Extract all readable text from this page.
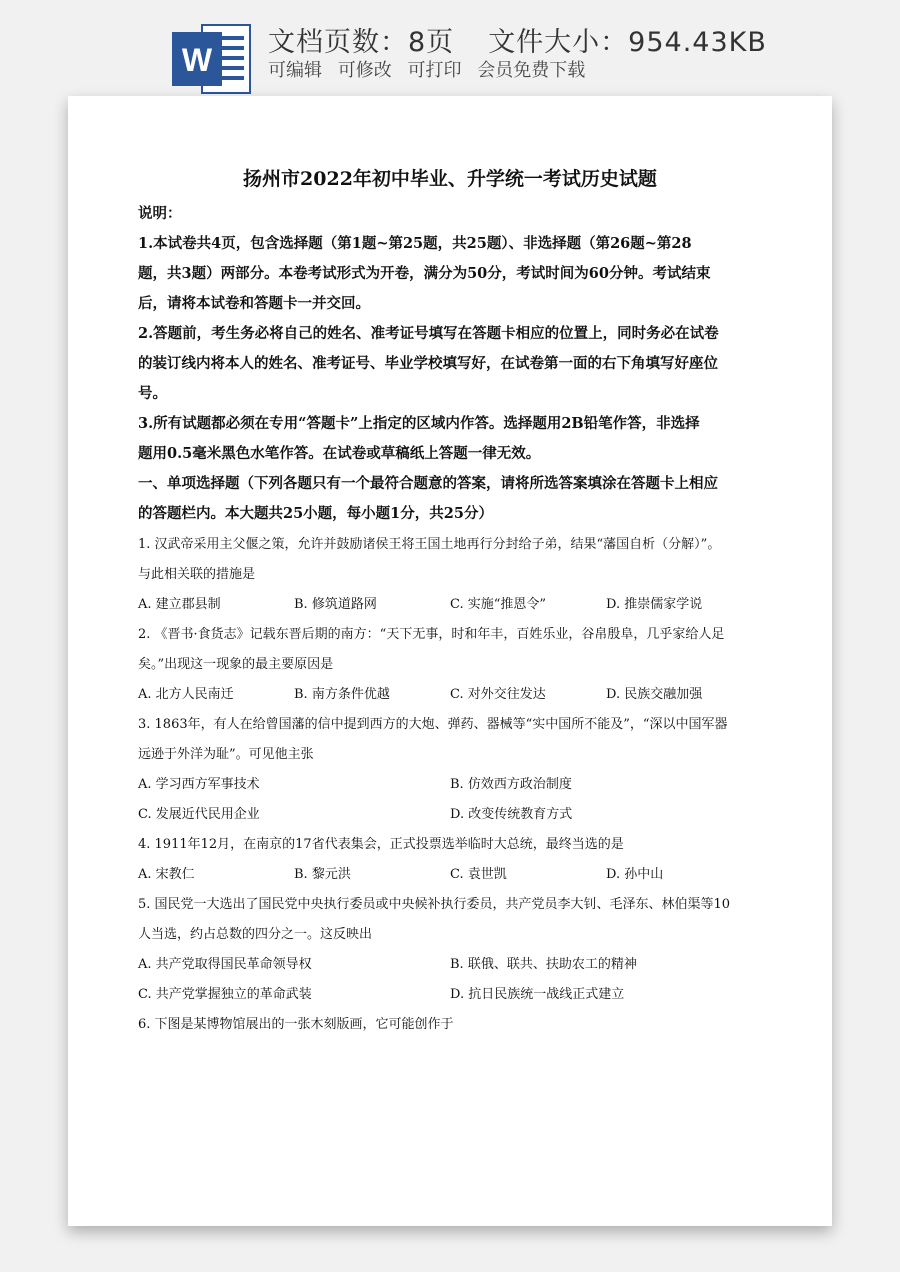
W 文档页数：8页 文件大小：954.43KB
可编辑 可修改 可打印 会员免费下载
扬州市2022年初中毕业、升学统一考试历史试题
说明：
1.本试卷共4页，包含选择题（第1题~第25题，共25题）、非选择题（第26题~第28
题，共3题）两部分。本卷考试形式为开卷，满分为50分，考试时间为60分钟。考试结束
后，请将本试卷和答题卡一并交回。
2.答题前，考生务必将自己的姓名、准考证号填写在答题卡相应的位置上，同时务必在试卷
的装订线内将本人的姓名、准考证号、毕业学校填写好，在试卷第一面的右下角填写好座位
号。
3.所有试题都必须在专用“答题卡”上指定的区域内作答。选择题用2B铅笔作答，非选择
题用0.5毫米黑色水笔作答。在试卷或草稿纸上答题一律无效。
一、单项选择题（下列各题只有一个最符合题意的答案，请将所选答案填涂在答题卡上相应
的答题栏内。本大题共25小题，每小题1分，共25分）
1. 汉武帝采用主父偃之策，允许并鼓励诸侯王将王国土地再行分封给子弟，结果“藩国自析（分解）”。
与此相关联的措施是
A. 建立郡县制	B. 修筑道路网	C. 实施“推恩令”	D. 推崇儒家学说
2. 《晋书·食货志》记载东晋后期的南方：“天下无事，时和年丰，百姓乐业，谷帛殷阜，几乎家给人足
矣。”出现这一现象的最主要原因是
A. 北方人民南迁	B. 南方条件优越	C. 对外交往发达	D. 民族交融加强
3. 1863年，有人在给曾国藩的信中提到西方的大炮、弹药、器械等“实中国所不能及”，“深以中国军器
远逊于外洋为耻”。可见他主张
A. 学习西方军事技术	B. 仿效西方政治制度
C. 发展近代民用企业	D. 改变传统教育方式
4. 1911年12月，在南京的17省代表集会，正式投票选举临时大总统，最终当选的是
A. 宋教仁	B. 黎元洪	C. 袁世凯	D. 孙中山
5. 国民党一大选出了国民党中央执行委员或中央候补执行委员，共产党员李大钊、毛泽东、林伯渠等10
人当选，约占总数的四分之一。这反映出
A. 共产党取得国民革命领导权	B. 联俄、联共、扶助农工的精神
C. 共产党掌握独立的革命武装	D. 抗日民族统一战线正式建立
6. 下图是某博物馆展出的一张木刻版画，它可能创作于
